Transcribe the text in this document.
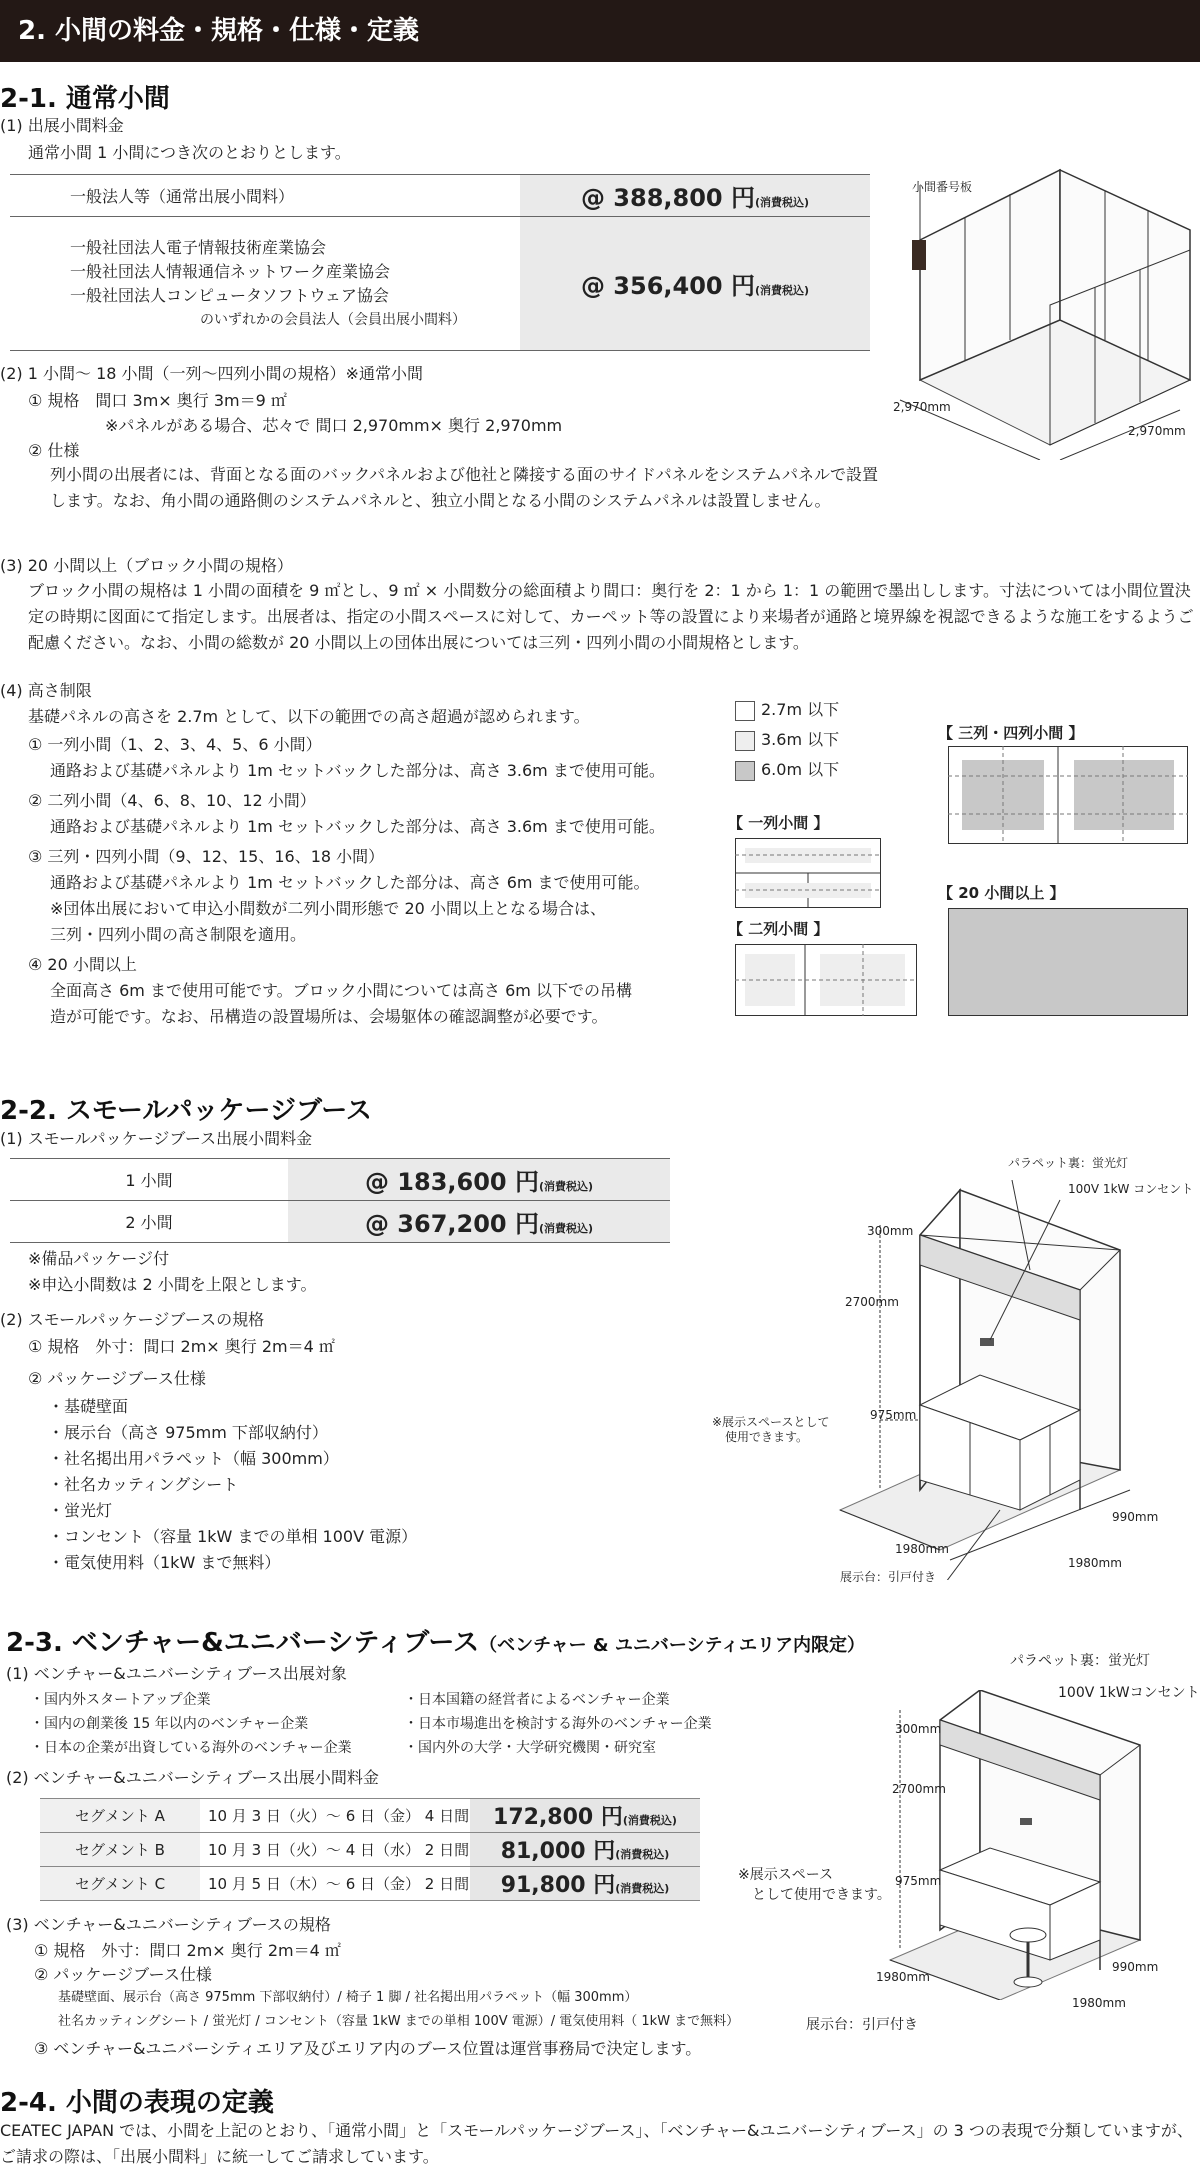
2. 小間の料金・規格・仕様・定義
2-1. 通常小間
(1) 出展小間料金
通常小間 1 小間につき次のとおりとします。
一般法人等（通常出展小間料）	@ 388,800 円(消費税込)

一般社団法人電子情報技術産業協会
一般社団法人情報通信ネットワーク産業協会
一般社団法人コンピュータソフトウェア協会
のいずれかの会員法人（会員出展小間料）	@ 356,400 円(消費税込)
小間番号板
2,970mm
2,970mm
(2) 1 小間〜 18 小間（一列〜四列小間の規格）※通常小間
① 規格　間口 3m× 奥行 3m＝9 ㎡
※パネルがある場合、芯々で 間口 2,970mm× 奥行 2,970mm
② 仕様
列小間の出展者には、背面となる面のバックパネルおよび他社と隣接する面のサイドパネルをシステムパネルで設置します。なお、角小間の通路側のシステムパネルと、独立小間となる小間のシステムパネルは設置しません。
(3) 20 小間以上（ブロック小間の規格）
ブロック小間の規格は 1 小間の面積を 9 ㎡とし、9 ㎡ × 小間数分の総面積より間口：奥行を 2：1 から 1：1 の範囲で墨出しします。寸法については小間位置決定の時期に図面にて指定します。出展者は、指定の小間スペースに対して、カーペット等の設置により来場者が通路と境界線を視認できるような施工をするようご配慮ください。なお、小間の総数が 20 小間以上の団体出展については三列・四列小間の小間規格とします。
(4) 高さ制限
基礎パネルの高さを 2.7m として、以下の範囲での高さ超過が認められます。
① 一列小間（1、2、3、4、5、6 小間）
通路および基礎パネルより 1m セットバックした部分は、高さ 3.6m まで使用可能。
② 二列小間（4、6、8、10、12 小間）
通路および基礎パネルより 1m セットバックした部分は、高さ 3.6m まで使用可能。
③ 三列・四列小間（9、12、15、16、18 小間）
通路および基礎パネルより 1m セットバックした部分は、高さ 6m まで使用可能。
※団体出展において申込小間数が二列小間形態で 20 小間以上となる場合は、
三列・四列小間の高さ制限を適用。
④ 20 小間以上
全面高さ 6m まで使用可能です。ブロック小間については高さ 6m 以下での吊構
造が可能です。なお、吊構造の設置場所は、会場躯体の確認調整が必要です。
2.7m 以下
3.6m 以下
6.0m 以下
【 一列小間 】
【 二列小間 】
【 三列・四列小間 】
【 20 小間以上 】
2-2. スモールパッケージブース
(1) スモールパッケージブース出展小間料金
1 小間	@ 183,600 円(消費税込)
2 小間	@ 367,200 円(消費税込)
※備品パッケージ付
※申込小間数は 2 小間を上限とします。
(2) スモールパッケージブースの規格
① 規格　外寸：間口 2m× 奥行 2m＝4 ㎡
② パッケージブース仕様
・基礎壁面
・展示台（高さ 975mm 下部収納付）
・社名掲出用パラペット（幅 300mm）
・社名カッティングシート
・蛍光灯
・コンセント（容量 1kW までの単相 100V 電源）
・電気使用料（1kW まで無料）
パラペット裏：蛍光灯
100V 1kW コンセント
300mm
2700mm
975mm
※展示スペースとして
使用できます。
990mm
1980mm
1980mm
展示台：引戸付き
2-3. ベンチャー&ユニバーシティブース（ベンチャー & ユニバーシティエリア内限定）
(1) ベンチャー&ユニバーシティブース出展対象
・国内外スタートアップ企業
・国内の創業後 15 年以内のベンチャー企業
・日本の企業が出資している海外のベンチャー企業
・日本国籍の経営者によるベンチャー企業
・日本市場進出を検討する海外のベンチャー企業
・国内外の大学・大学研究機関・研究室
(2) ベンチャー&ユニバーシティブース出展小間料金
セグメント A	10 月 3 日（火）〜 6 日（金） 4 日間	172,800 円(消費税込)
セグメント B	10 月 3 日（火）〜 4 日（水） 2 日間	81,000 円(消費税込)
セグメント C	10 月 5 日（木）〜 6 日（金） 2 日間	91,800 円(消費税込)
(3) ベンチャー&ユニバーシティブースの規格
① 規格　外寸：間口 2m× 奥行 2m＝4 ㎡
② パッケージブース仕様
基礎壁面、展示台（高さ 975mm 下部収納付）/ 椅子 1 脚 / 社名掲出用パラペット（幅 300mm）
社名カッティングシート / 蛍光灯 / コンセント（容量 1kW までの単相 100V 電源）/ 電気使用料（ 1kW まで無料）
③ ベンチャー&ユニバーシティエリア及びエリア内のブース位置は運営事務局で決定します。
パラペット裏：蛍光灯
100V 1kWコンセント
300mm
2700mm
975mm
※展示スペース
として使用できます。
990mm
1980mm
1980mm
展示台：引戸付き
2-4. 小間の表現の定義
CEATEC JAPAN では、小間を上記のとおり、「通常小間」と「スモールパッケージブース」、「ベンチャー&ユニバーシティブース」の 3 つの表現で分類していますが、ご請求の際は、「出展小間料」に統一してご請求しています。
